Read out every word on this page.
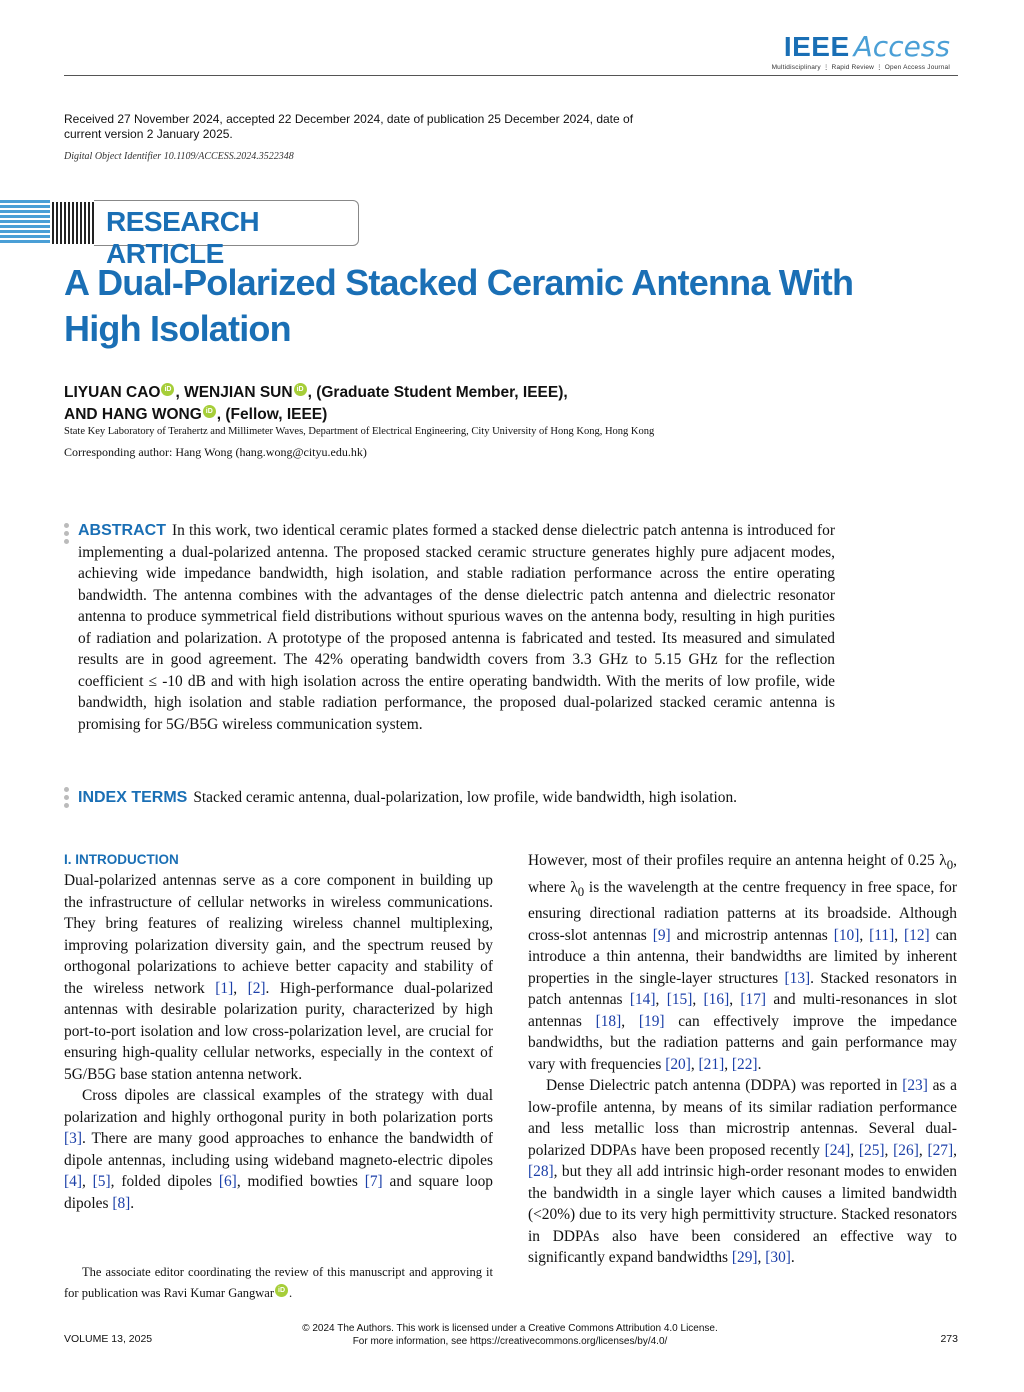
IEEE Access
Multidisciplinary ⋮ Rapid Review ⋮ Open Access Journal
Received 27 November 2024, accepted 22 December 2024, date of publication 25 December 2024, date of current version 2 January 2025.
Digital Object Identifier 10.1109/ACCESS.2024.3522348
RESEARCH ARTICLE
A Dual-Polarized Stacked Ceramic Antenna With High Isolation
LIYUAN CAO iD , WENJIAN SUN iD , (Graduate Student Member, IEEE),
AND HANG WONG iD , (Fellow, IEEE)
State Key Laboratory of Terahertz and Millimeter Waves, Department of Electrical Engineering, City University of Hong Kong, Hong Kong
Corresponding author: Hang Wong (hang.wong@cityu.edu.hk)
ABSTRACT In this work, two identical ceramic plates formed a stacked dense dielectric patch antenna is introduced for implementing a dual-polarized antenna. The proposed stacked ceramic structure generates highly pure adjacent modes, achieving wide impedance bandwidth, high isolation, and stable radiation performance across the entire operating bandwidth. The antenna combines with the advantages of the dense dielectric patch antenna and dielectric resonator antenna to produce symmetrical field distributions without spurious waves on the antenna body, resulting in high purities of radiation and polarization. A prototype of the proposed antenna is fabricated and tested. Its measured and simulated results are in good agreement. The 42% operating bandwidth covers from 3.3 GHz to 5.15 GHz for the reflection coefficient ≤ -10 dB and with high isolation across the entire operating bandwidth. With the merits of low profile, wide bandwidth, high isolation and stable radiation performance, the proposed dual-polarized stacked ceramic antenna is promising for 5G/B5G wireless communication system.
INDEX TERMS Stacked ceramic antenna, dual-polarization, low profile, wide bandwidth, high isolation.
I. INTRODUCTION

Dual-polarized antennas serve as a core component in building up the infrastructure of cellular networks in wireless communications. They bring features of realizing wireless channel multiplexing, improving polarization diversity gain, and the spectrum reused by orthogonal polarizations to achieve better capacity and stability of the wireless network [1], [2]. High-performance dual-polarized antennas with desirable polarization purity, characterized by high port-to-port isolation and low cross-polarization level, are crucial for ensuring high-quality cellular networks, especially in the context of 5G/B5G base station antenna network.

Cross dipoles are classical examples of the strategy with dual polarization and highly orthogonal purity in both polarization ports [3]. There are many good approaches to enhance the bandwidth of dipole antennas, including using wideband magneto-electric dipoles [4], [5], folded dipoles [6], modified bowties [7] and square loop dipoles [8].

However, most of their profiles require an antenna height of 0.25 $\lambda_0$, where $\lambda_0$ is the wavelength at the centre frequency in free space, for ensuring directional radiation patterns at its broadside. Although cross-slot antennas [9] and microstrip antennas [10], [11], [12] can introduce a thin antenna, their bandwidths are limited by inherent properties in the single-layer structures [13]. Stacked resonators in patch antennas [14], [15], [16], [17] and multi-resonances in slot antennas [18], [19] can effectively improve the impedance bandwidths, but the radiation patterns and gain performance may vary with frequencies [20], [21], [22].

Dense Dielectric patch antenna (DDPA) was reported in [23] as a low-profile antenna, by means of its similar radiation performance and less metallic loss than microstrip antennas. Several dual-polarized DDPAs have been proposed recently [24], [25], [26], [27], [28], but they all add intrinsic high-order resonant modes to enwiden the bandwidth in a single layer which causes a limited bandwidth (<20%) due to its very high permittivity structure. Stacked resonators in DDPAs also have been considered an effective way to significantly expand bandwidths [29], [30].

The associate editor coordinating the review of this manuscript and approving it for publication was Ravi Kumar Gangwar iD .
VOLUME 13, 2025
© 2024 The Authors. This work is licensed under a Creative Commons Attribution 4.0 License.
For more information, see https://creativecommons.org/licenses/by/4.0/	273
